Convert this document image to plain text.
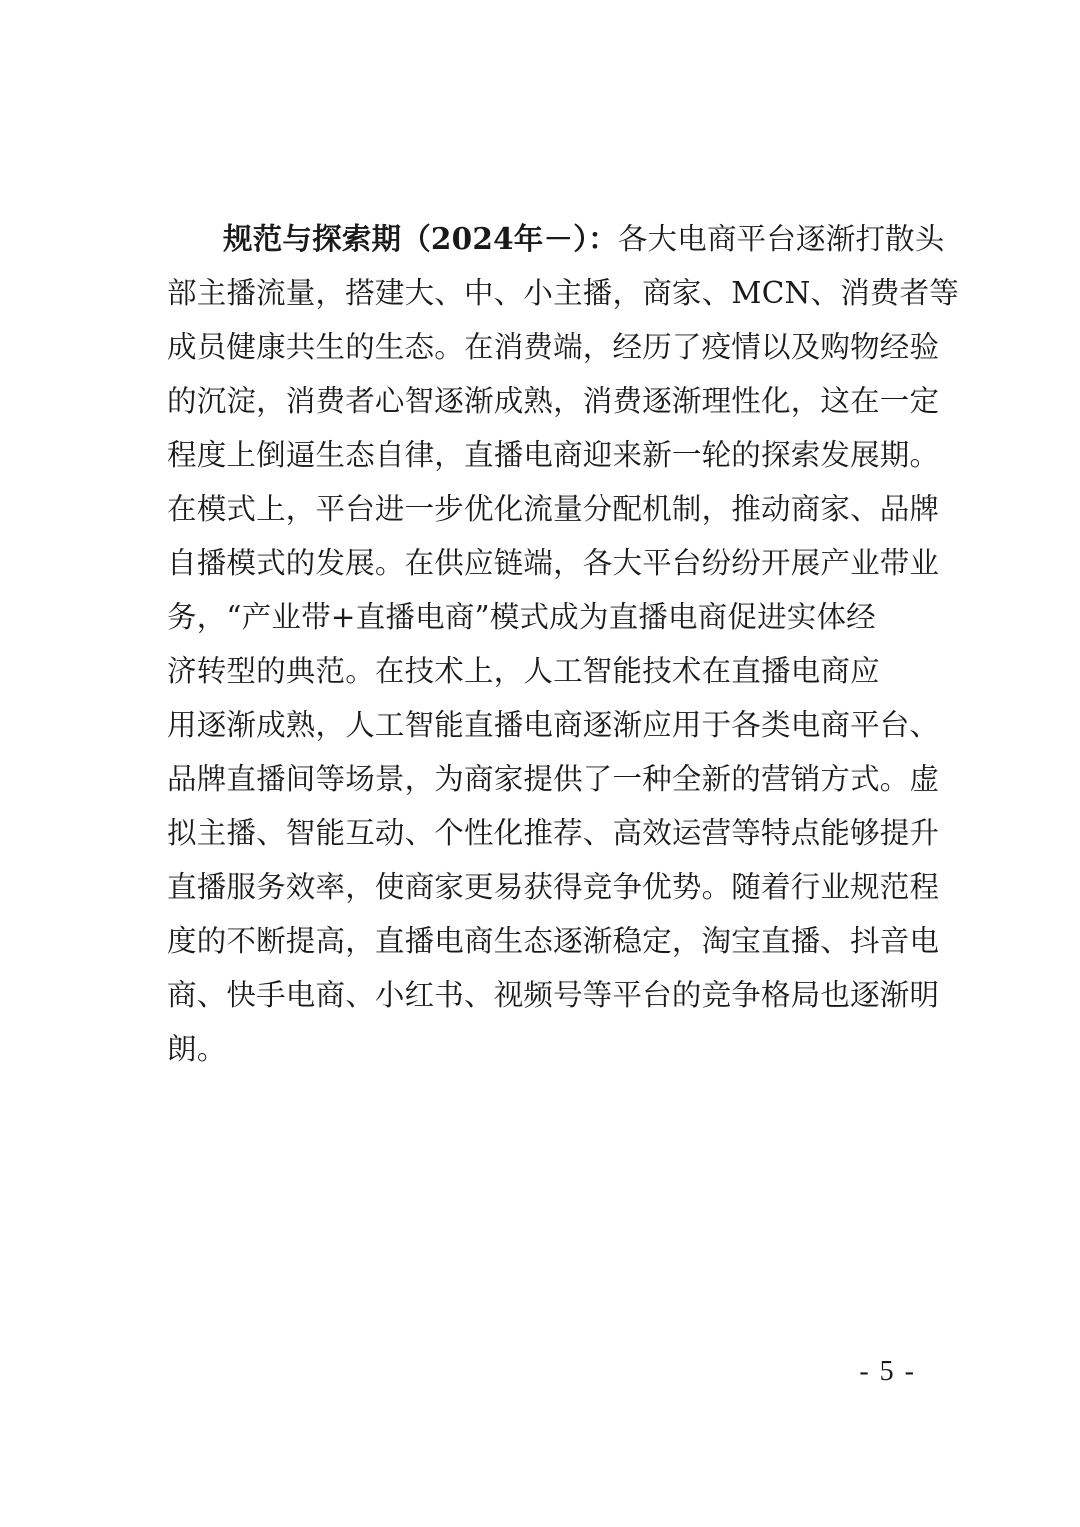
规范与探索期（2024年－）：各大电商平台逐渐打散头
部主播流量，搭建大、中、小主播，商家、MCN、消费者等
成员健康共生的生态。在消费端，经历了疫情以及购物经验
的沉淀，消费者心智逐渐成熟，消费逐渐理性化，这在一定
程度上倒逼生态自律，直播电商迎来新一轮的探索发展期。
在模式上，平台进一步优化流量分配机制，推动商家、品牌
自播模式的发展。在供应链端，各大平台纷纷开展产业带业
务，“产业带+直播电商”模式成为直播电商促进实体经
济转型的典范。在技术上，人工智能技术在直播电商应
用逐渐成熟，人工智能直播电商逐渐应用于各类电商平台、
品牌直播间等场景，为商家提供了一种全新的营销方式。虚
拟主播、智能互动、个性化推荐、高效运营等特点能够提升
直播服务效率，使商家更易获得竞争优势。随着行业规范程
度的不断提高，直播电商生态逐渐稳定，淘宝直播、抖音电
商、快手电商、小红书、视频号等平台的竞争格局也逐渐明
朗。
- 5 -
